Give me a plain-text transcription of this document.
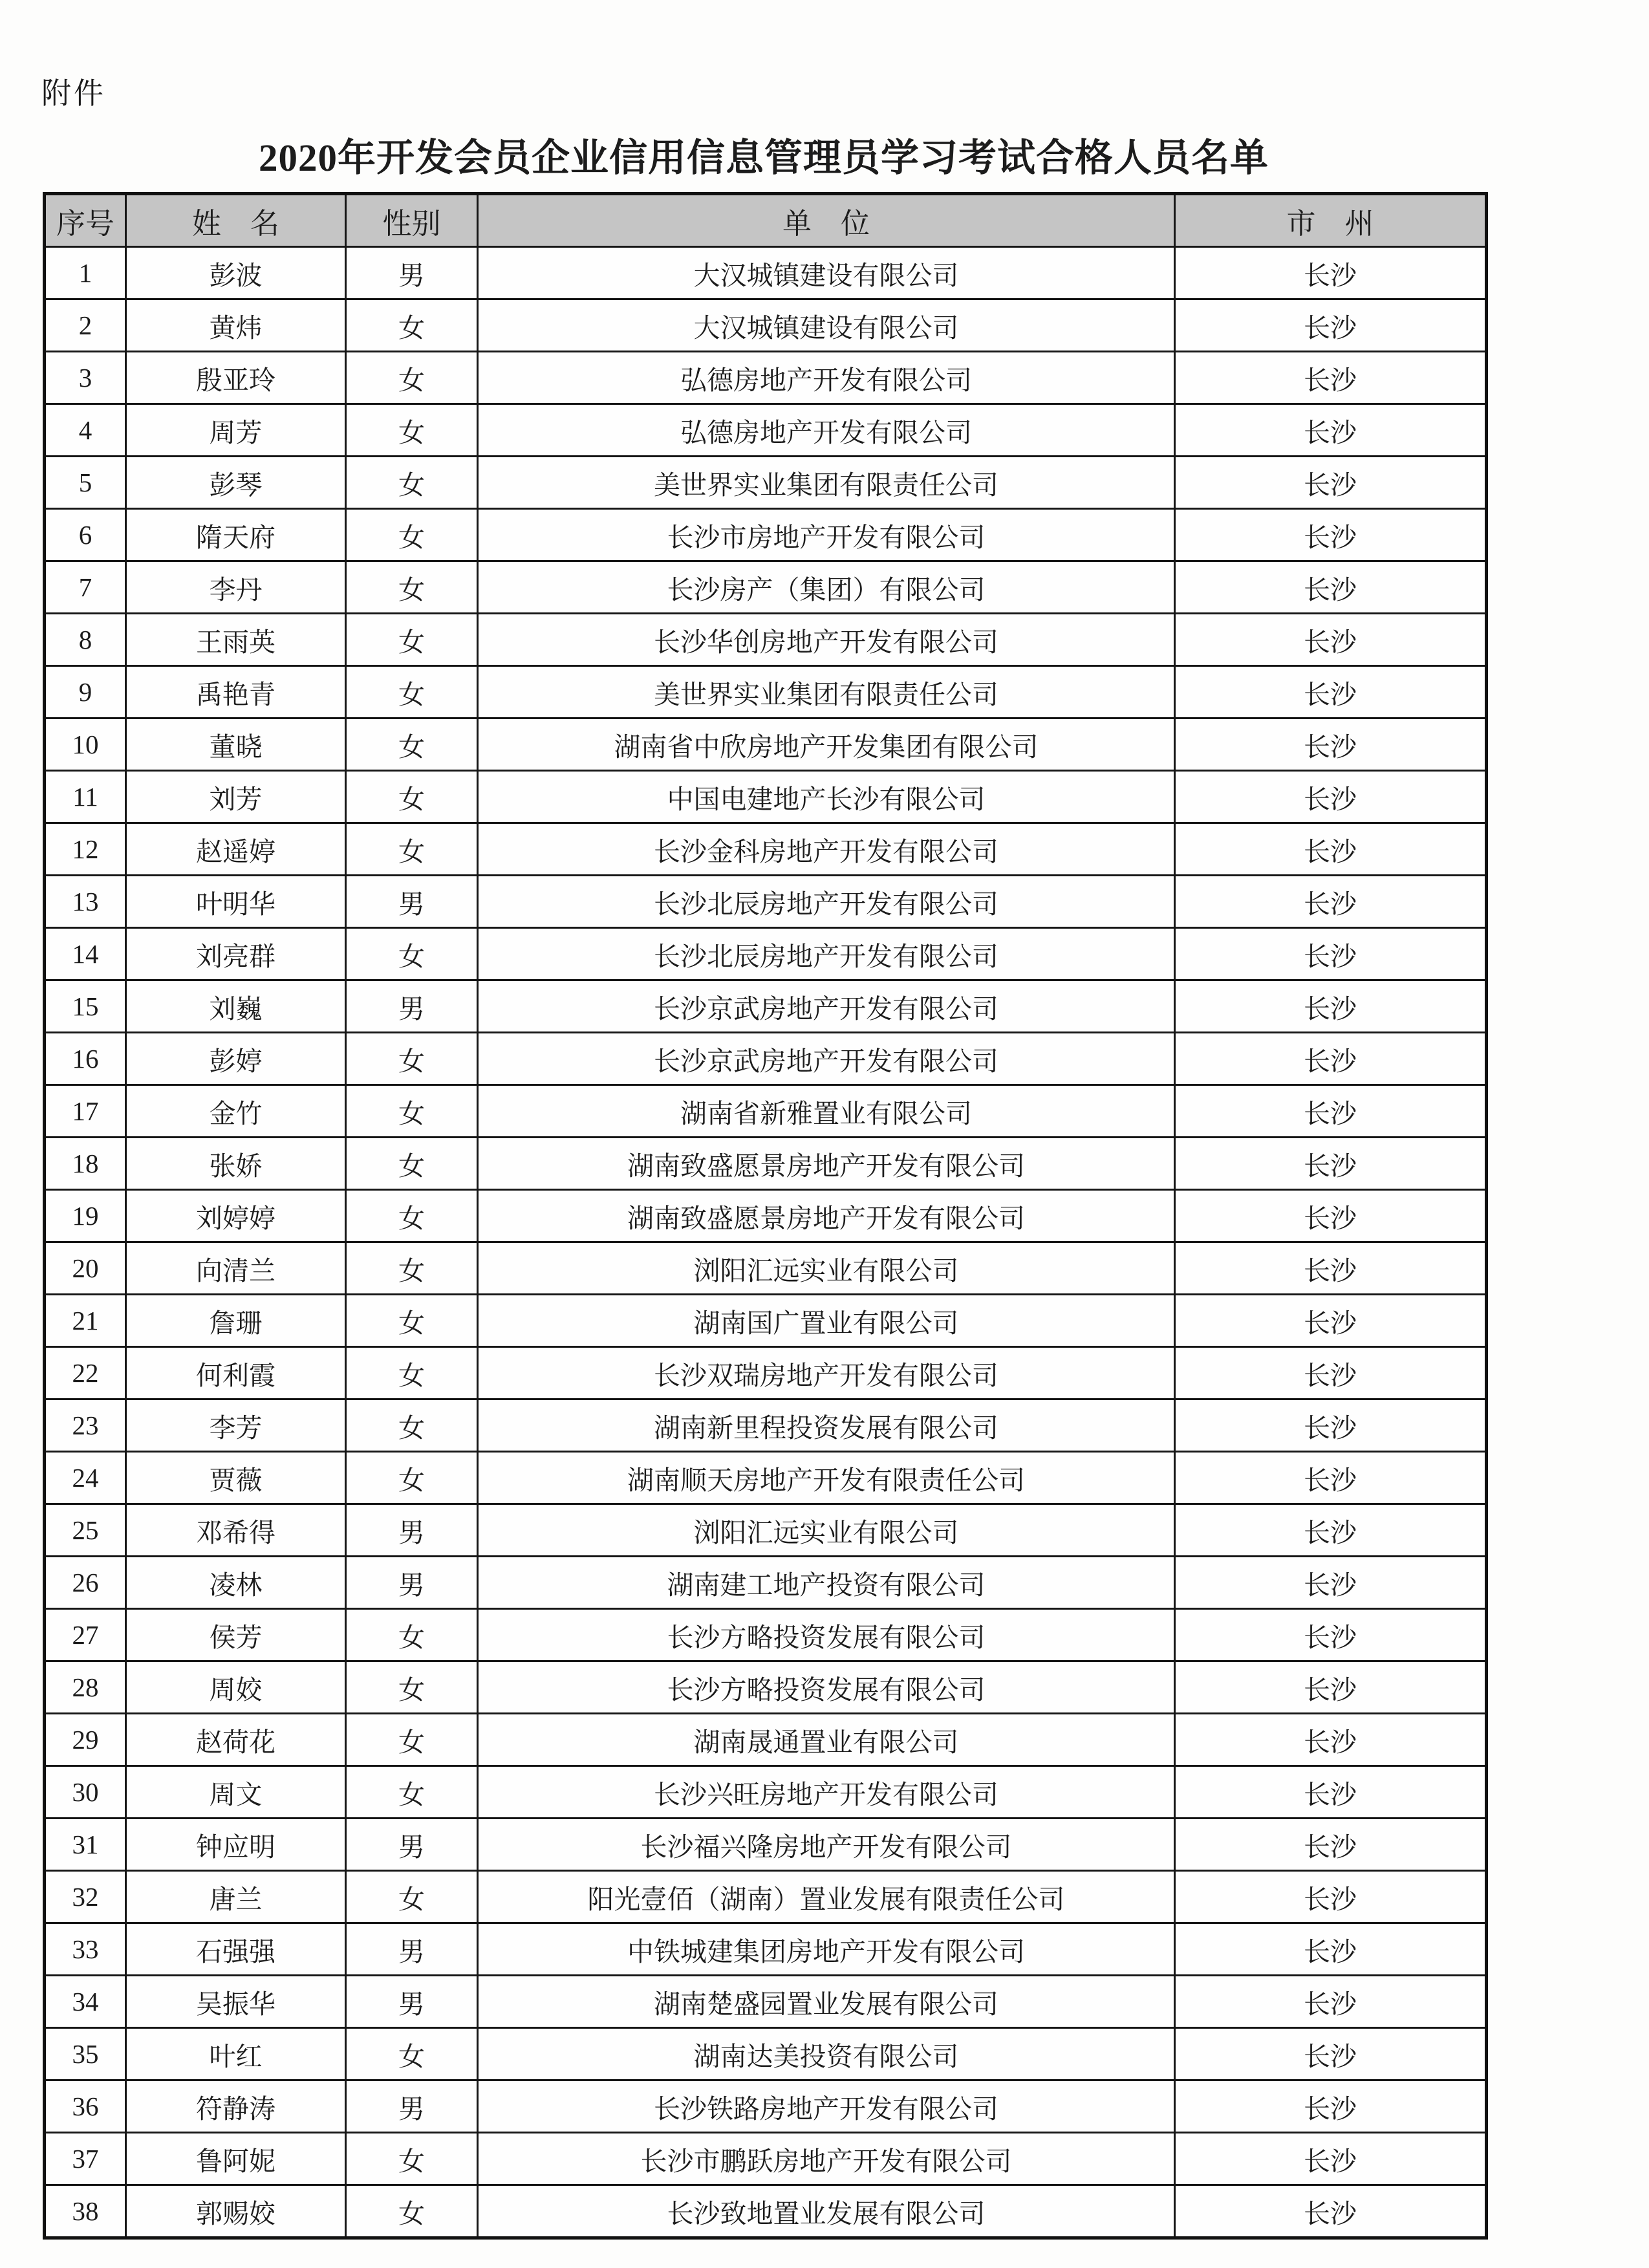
附件
2020年开发会员企业信用信息管理员学习考试合格人员名单
序号	姓　名	性别	单　位	市　州
1	彭波	男	大汉城镇建设有限公司	长沙
2	黄炜	女	大汉城镇建设有限公司	长沙
3	殷亚玲	女	弘德房地产开发有限公司	长沙
4	周芳	女	弘德房地产开发有限公司	长沙
5	彭琴	女	美世界实业集团有限责任公司	长沙
6	隋天府	女	长沙市房地产开发有限公司	长沙
7	李丹	女	长沙房产（集团）有限公司	长沙
8	王雨英	女	长沙华创房地产开发有限公司	长沙
9	禹艳青	女	美世界实业集团有限责任公司	长沙
10	董晓	女	湖南省中欣房地产开发集团有限公司	长沙
11	刘芳	女	中国电建地产长沙有限公司	长沙
12	赵遥婷	女	长沙金科房地产开发有限公司	长沙
13	叶明华	男	长沙北辰房地产开发有限公司	长沙
14	刘亮群	女	长沙北辰房地产开发有限公司	长沙
15	刘巍	男	长沙京武房地产开发有限公司	长沙
16	彭婷	女	长沙京武房地产开发有限公司	长沙
17	金竹	女	湖南省新雅置业有限公司	长沙
18	张娇	女	湖南致盛愿景房地产开发有限公司	长沙
19	刘婷婷	女	湖南致盛愿景房地产开发有限公司	长沙
20	向清兰	女	浏阳汇远实业有限公司	长沙
21	詹珊	女	湖南国广置业有限公司	长沙
22	何利霞	女	长沙双瑞房地产开发有限公司	长沙
23	李芳	女	湖南新里程投资发展有限公司	长沙
24	贾薇	女	湖南顺天房地产开发有限责任公司	长沙
25	邓希得	男	浏阳汇远实业有限公司	长沙
26	凌林	男	湖南建工地产投资有限公司	长沙
27	侯芳	女	长沙方略投资发展有限公司	长沙
28	周姣	女	长沙方略投资发展有限公司	长沙
29	赵荷花	女	湖南晟通置业有限公司	长沙
30	周文	女	长沙兴旺房地产开发有限公司	长沙
31	钟应明	男	长沙福兴隆房地产开发有限公司	长沙
32	唐兰	女	阳光壹佰（湖南）置业发展有限责任公司	长沙
33	石强强	男	中铁城建集团房地产开发有限公司	长沙
34	吴振华	男	湖南楚盛园置业发展有限公司	长沙
35	叶红	女	湖南达美投资有限公司	长沙
36	符静涛	男	长沙铁路房地产开发有限公司	长沙
37	鲁阿妮	女	长沙市鹏跃房地产开发有限公司	长沙
38	郭赐姣	女	长沙致地置业发展有限公司	长沙
